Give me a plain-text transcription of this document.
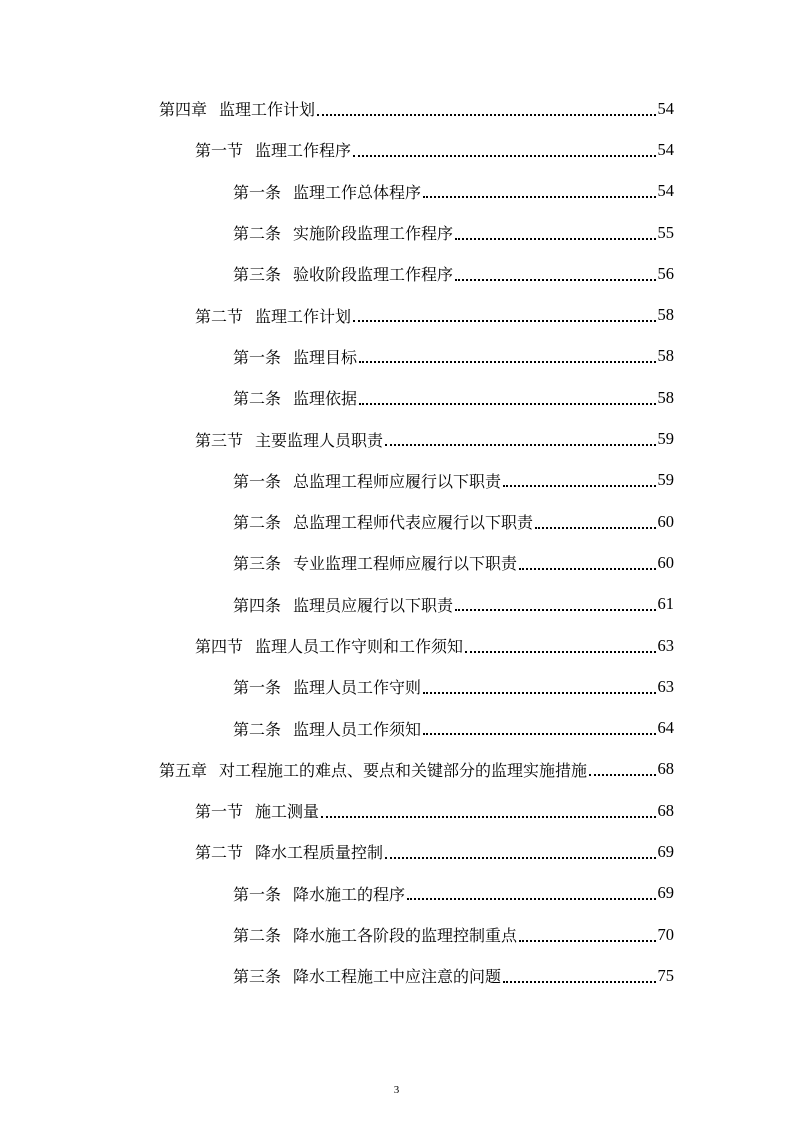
第四章 监理工作计划	54
第一节 监理工作程序	54
第一条 监理工作总体程序	54
第二条 实施阶段监理工作程序	55
第三条 验收阶段监理工作程序	56
第二节 监理工作计划	58
第一条 监理目标	58
第二条 监理依据	58
第三节 主要监理人员职责	59
第一条 总监理工程师应履行以下职责	59
第二条 总监理工程师代表应履行以下职责	60
第三条 专业监理工程师应履行以下职责	60
第四条 监理员应履行以下职责	61
第四节 监理人员工作守则和工作须知	63
第一条 监理人员工作守则	63
第二条 监理人员工作须知	64
第五章 对工程施工的难点、要点和关键部分的监理实施措施	68
第一节 施工测量	68
第二节 降水工程质量控制	69
第一条 降水施工的程序	69
第二条 降水施工各阶段的监理控制重点	70
第三条 降水工程施工中应注意的问题	75
3
